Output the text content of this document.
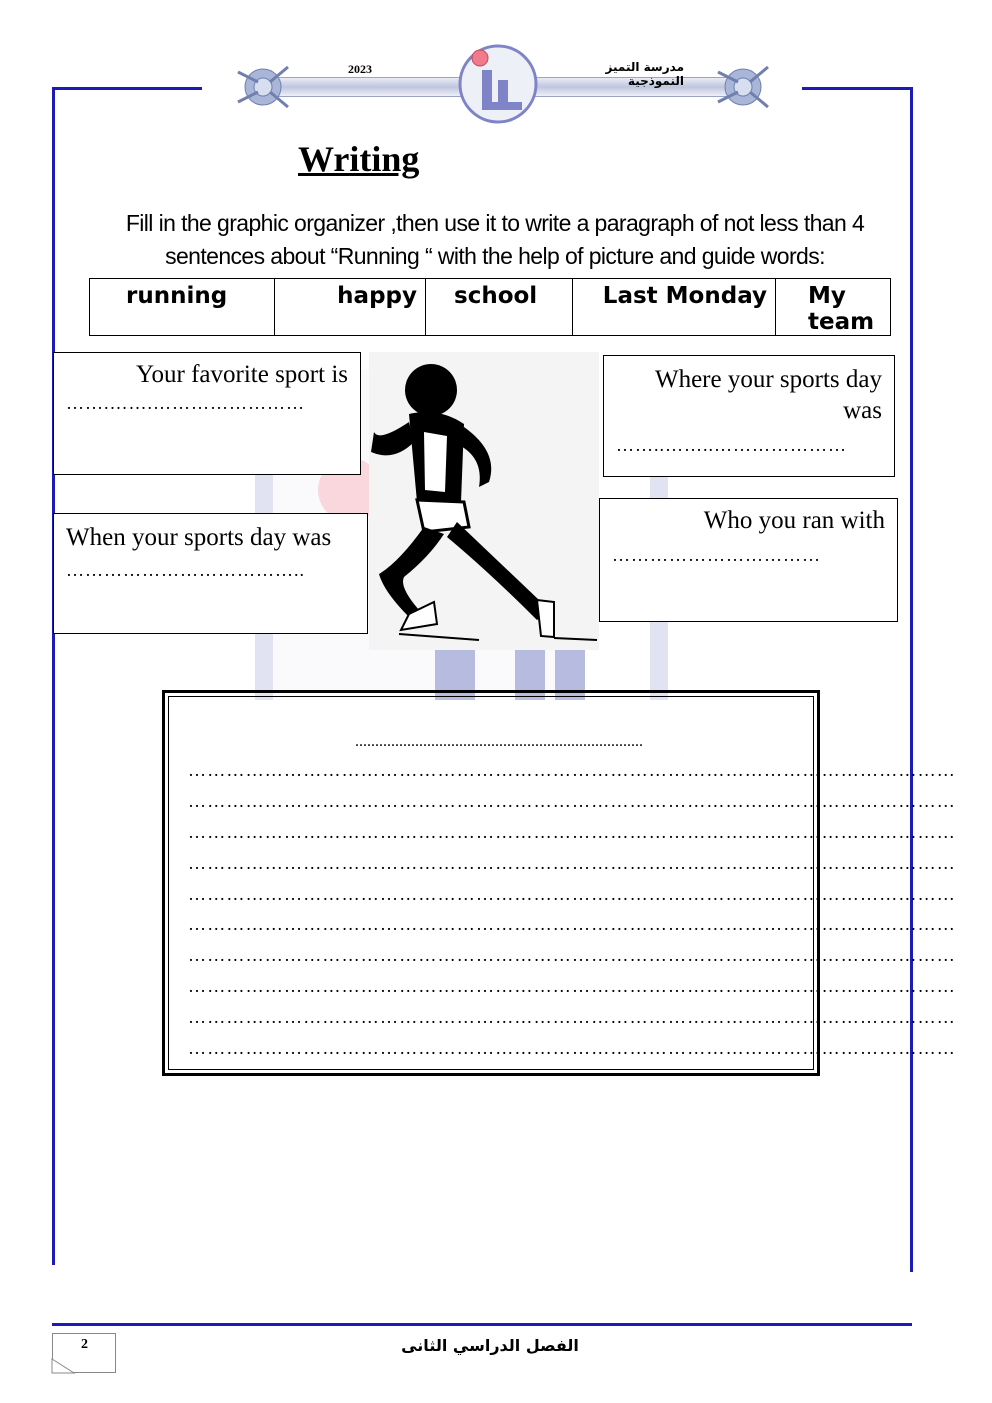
2023	مدرسة التميز النموذجية
Writing
Fill in the graphic organizer ,then use it to write a paragraph of not less than 4 sentences about “Running “ with the help of picture and guide words:
running	happy	school	Last Monday	My team
Your favorite sport is
…….…….……………………
When your sports day was
………………………………..
Where your sports day was
……..……..…………………
Who you ran with
……………………………
........................................................................
…………………………………………………………………………………………………………
…………………………………………………………………………………………………………
…………………………………………………………………………………………………………
…………………………………………………………………………………………………………
…………………………………………………………………………………………………………
…………………………………………………………………………………………………………
…………………………………………………………………………………………………………
…………………………………………………………………………………………………………
…………………………………………………………………………………………………………
…………………………………………………………………………………………………………
2	الفصل الدراسي الثانى
